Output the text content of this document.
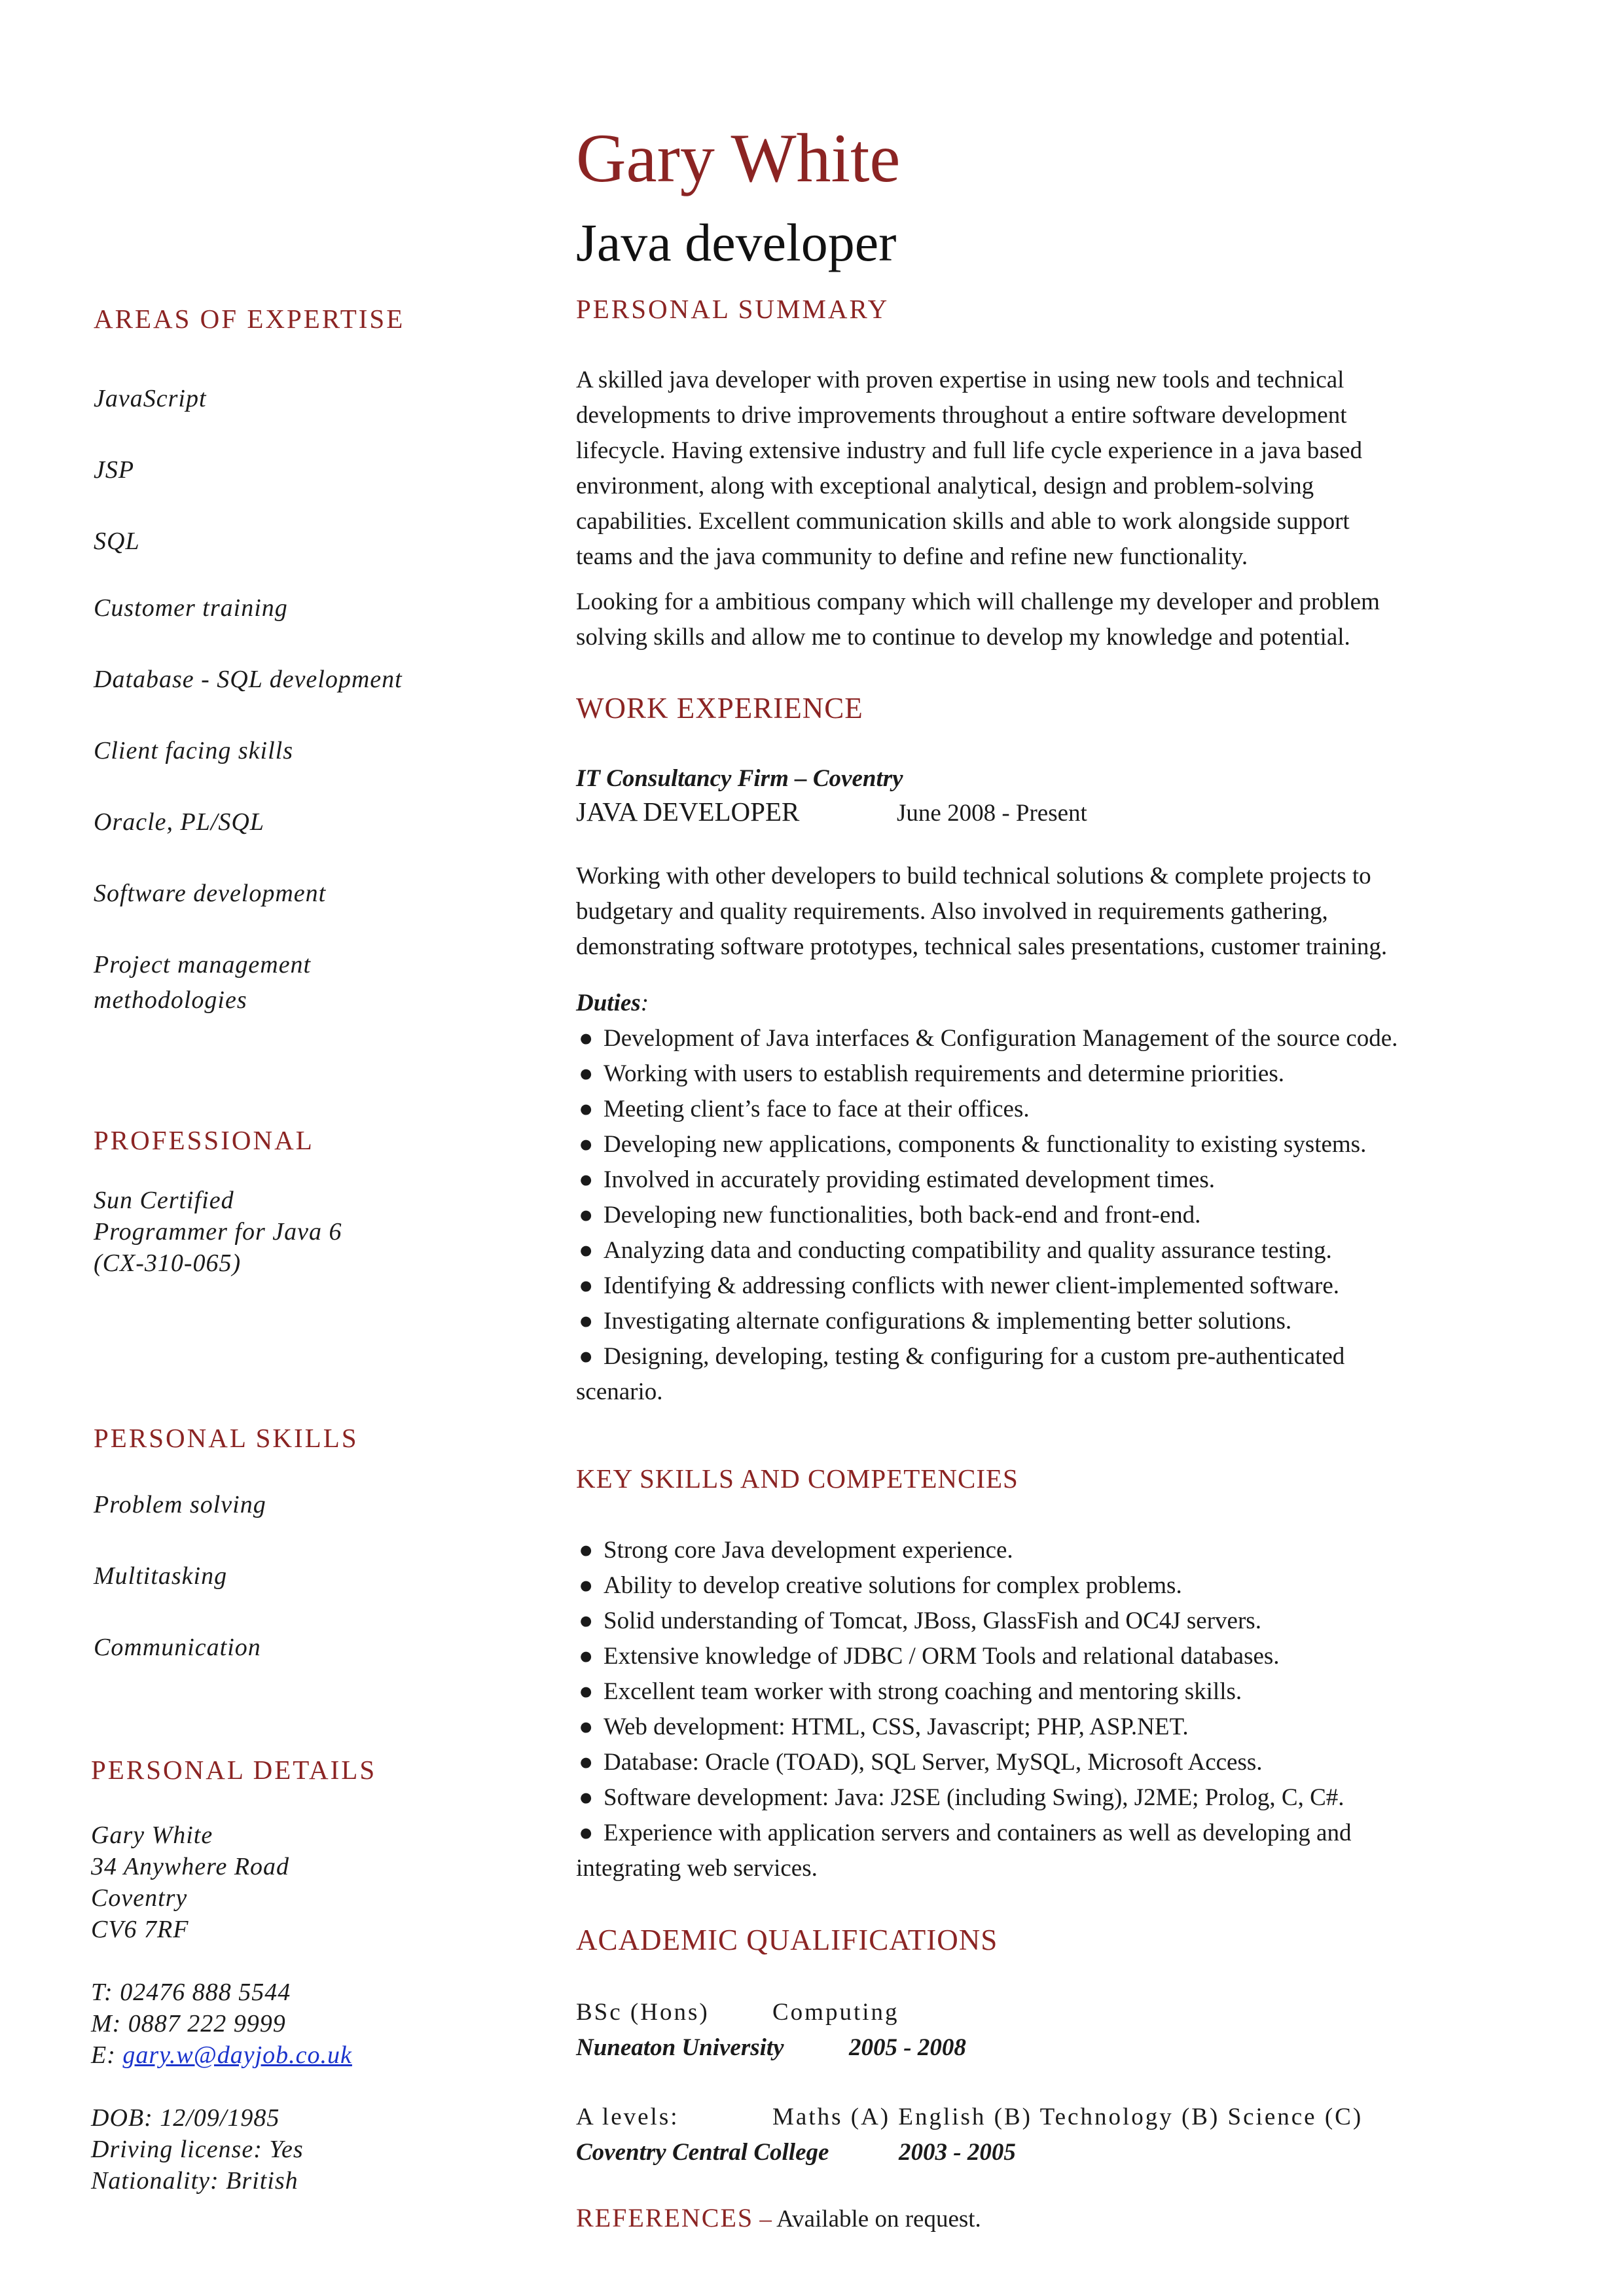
Gary White
Java developer
AREAS OF EXPERTISE
JavaScript
JSP
SQL
Customer training
Database - SQL development
Client facing skills
Oracle, PL/SQL
Software development
Project management methodologies
PROFESSIONAL
Sun Certified
Programmer for Java 6
(CX-310-065)
PERSONAL SKILLS
Problem solving
Multitasking
Communication
PERSONAL DETAILS
Gary White
34 Anywhere Road
Coventry
CV6 7RF
T: 02476 888 5544
M: 0887 222 9999
E: gary.w@dayjob.co.uk
DOB: 12/09/1985
Driving license: Yes
Nationality: British
PERSONAL SUMMARY
A skilled java developer with proven expertise in using new tools and technical
developments to drive improvements throughout a entire software development
lifecycle. Having extensive industry and full life cycle experience in a java based
environment, along with exceptional analytical, design and problem-solving
capabilities. Excellent communication skills and able to work alongside support
teams and the java community to define and refine new functionality.
Looking for a ambitious company which will challenge my developer and problem
solving skills and allow me to continue to develop my knowledge and potential.
WORK EXPERIENCE
IT Consultancy Firm – Coventry
JAVA DEVELOPER	June 2008 - Present
Working with other developers to build technical solutions & complete projects to
budgetary and quality requirements. Also involved in requirements gathering,
demonstrating software prototypes, technical sales presentations, customer training.
Duties:
● Development of Java interfaces & Configuration Management of the source code.
● Working with users to establish requirements and determine priorities.
● Meeting client’s face to face at their offices.
● Developing new applications, components & functionality to existing systems.
● Involved in accurately providing estimated development times.
● Developing new functionalities, both back-end and front-end.
● Analyzing data and conducting compatibility and quality assurance testing.
● Identifying & addressing conflicts with newer client-implemented software.
● Investigating alternate configurations & implementing better solutions.
● Designing, developing, testing & configuring for a custom pre-authenticated
scenario.
KEY SKILLS AND COMPETENCIES
● Strong core Java development experience.
● Ability to develop creative solutions for complex problems.
● Solid understanding of Tomcat, JBoss, GlassFish and OC4J servers.
● Extensive knowledge of JDBC / ORM Tools and relational databases.
● Excellent team worker with strong coaching and mentoring skills.
● Web development: HTML, CSS, Javascript; PHP, ASP.NET.
● Database: Oracle (TOAD), SQL Server, MySQL, Microsoft Access.
● Software development: Java: J2SE (including Swing), J2ME; Prolog, C, C#.
● Experience with application servers and containers as well as developing and
integrating web services.
ACADEMIC QUALIFICATIONS
BSc (Hons)	Computing
Nuneaton University	2005 - 2008
A levels:	Maths (A) English (B) Technology (B) Science (C)
Coventry Central College	2003 - 2005
REFERENCES – Available on request.
